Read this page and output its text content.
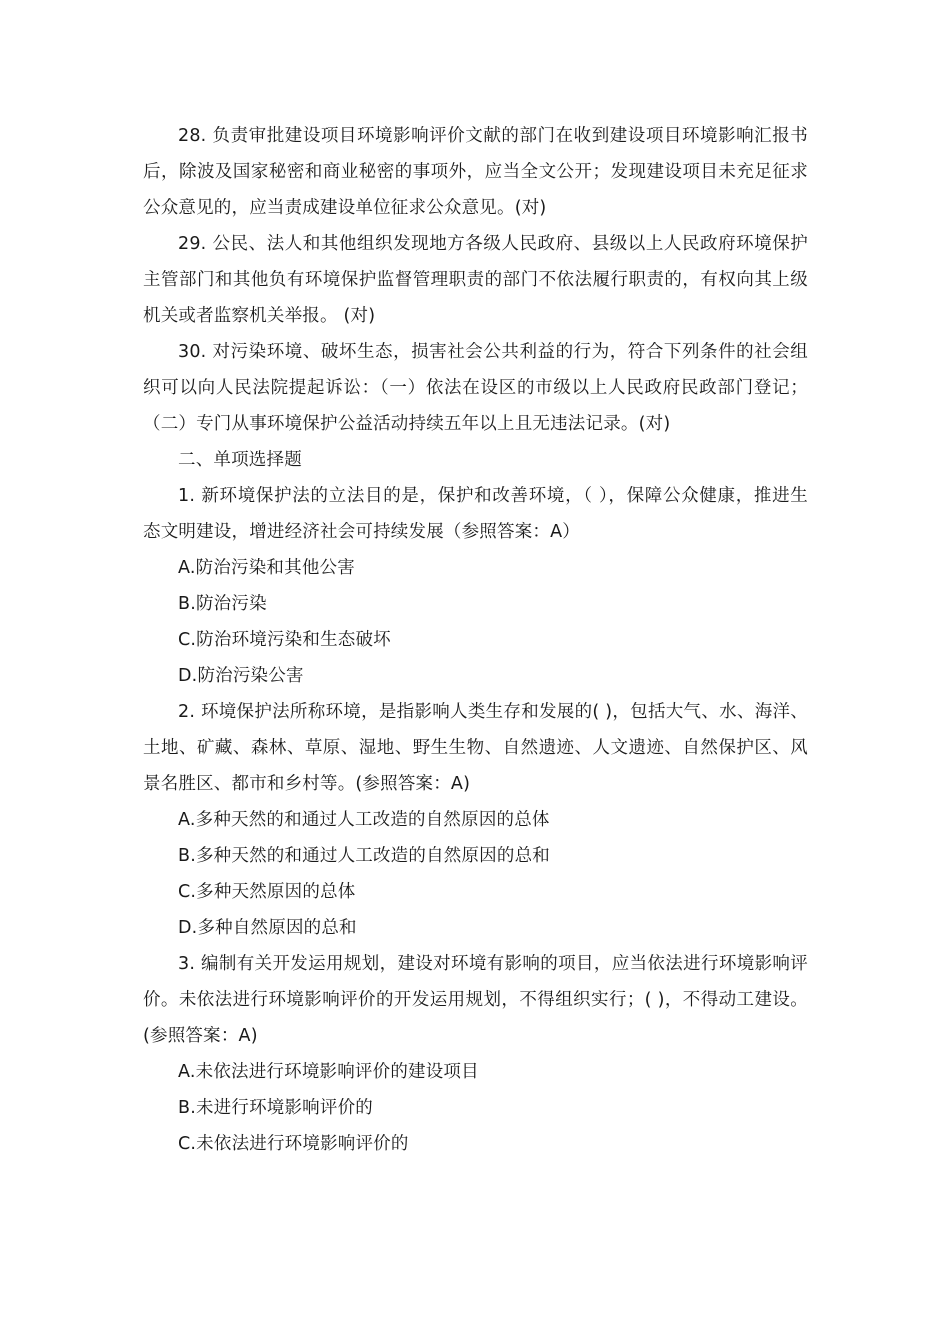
28. 负责审批建设项目环境影响评价文献的部门在收到建设项目环境影响汇报书后，除波及国家秘密和商业秘密的事项外，应当全文公开；发现建设项目未充足征求公众意见的，应当责成建设单位征求公众意见。(对)

29. 公民、法人和其他组织发现地方各级人民政府、县级以上人民政府环境保护主管部门和其他负有环境保护监督管理职责的部门不依法履行职责的，有权向其上级机关或者监察机关举报。 (对)

30. 对污染环境、破坏生态，损害社会公共利益的行为，符合下列条件的社会组织可以向人民法院提起诉讼：（一）依法在设区的市级以上人民政府民政部门登记；（二）专门从事环境保护公益活动持续五年以上且无违法记录。(对)

二、单项选择题

1. 新环境保护法的立法目的是，保护和改善环境，（ ），保障公众健康，推进生态文明建设，增进经济社会可持续发展（参照答案：A）

A.防治污染和其他公害

B.防治污染

C.防治环境污染和生态破坏

D.防治污染公害

2. 环境保护法所称环境，是指影响人类生存和发展的( )，包括大气、水、海洋、土地、矿藏、森林、草原、湿地、野生生物、自然遗迹、人文遗迹、自然保护区、风景名胜区、都市和乡村等。(参照答案：A)

A.多种天然的和通过人工改造的自然原因的总体

B.多种天然的和通过人工改造的自然原因的总和

C.多种天然原因的总体

D.多种自然原因的总和

3. 编制有关开发运用规划，建设对环境有影响的项目，应当依法进行环境影响评价。未依法进行环境影响评价的开发运用规划，不得组织实行；( )，不得动工建设。(参照答案：A)

A.未依法进行环境影响评价的建设项目

B.未进行环境影响评价的

C.未依法进行环境影响评价的
